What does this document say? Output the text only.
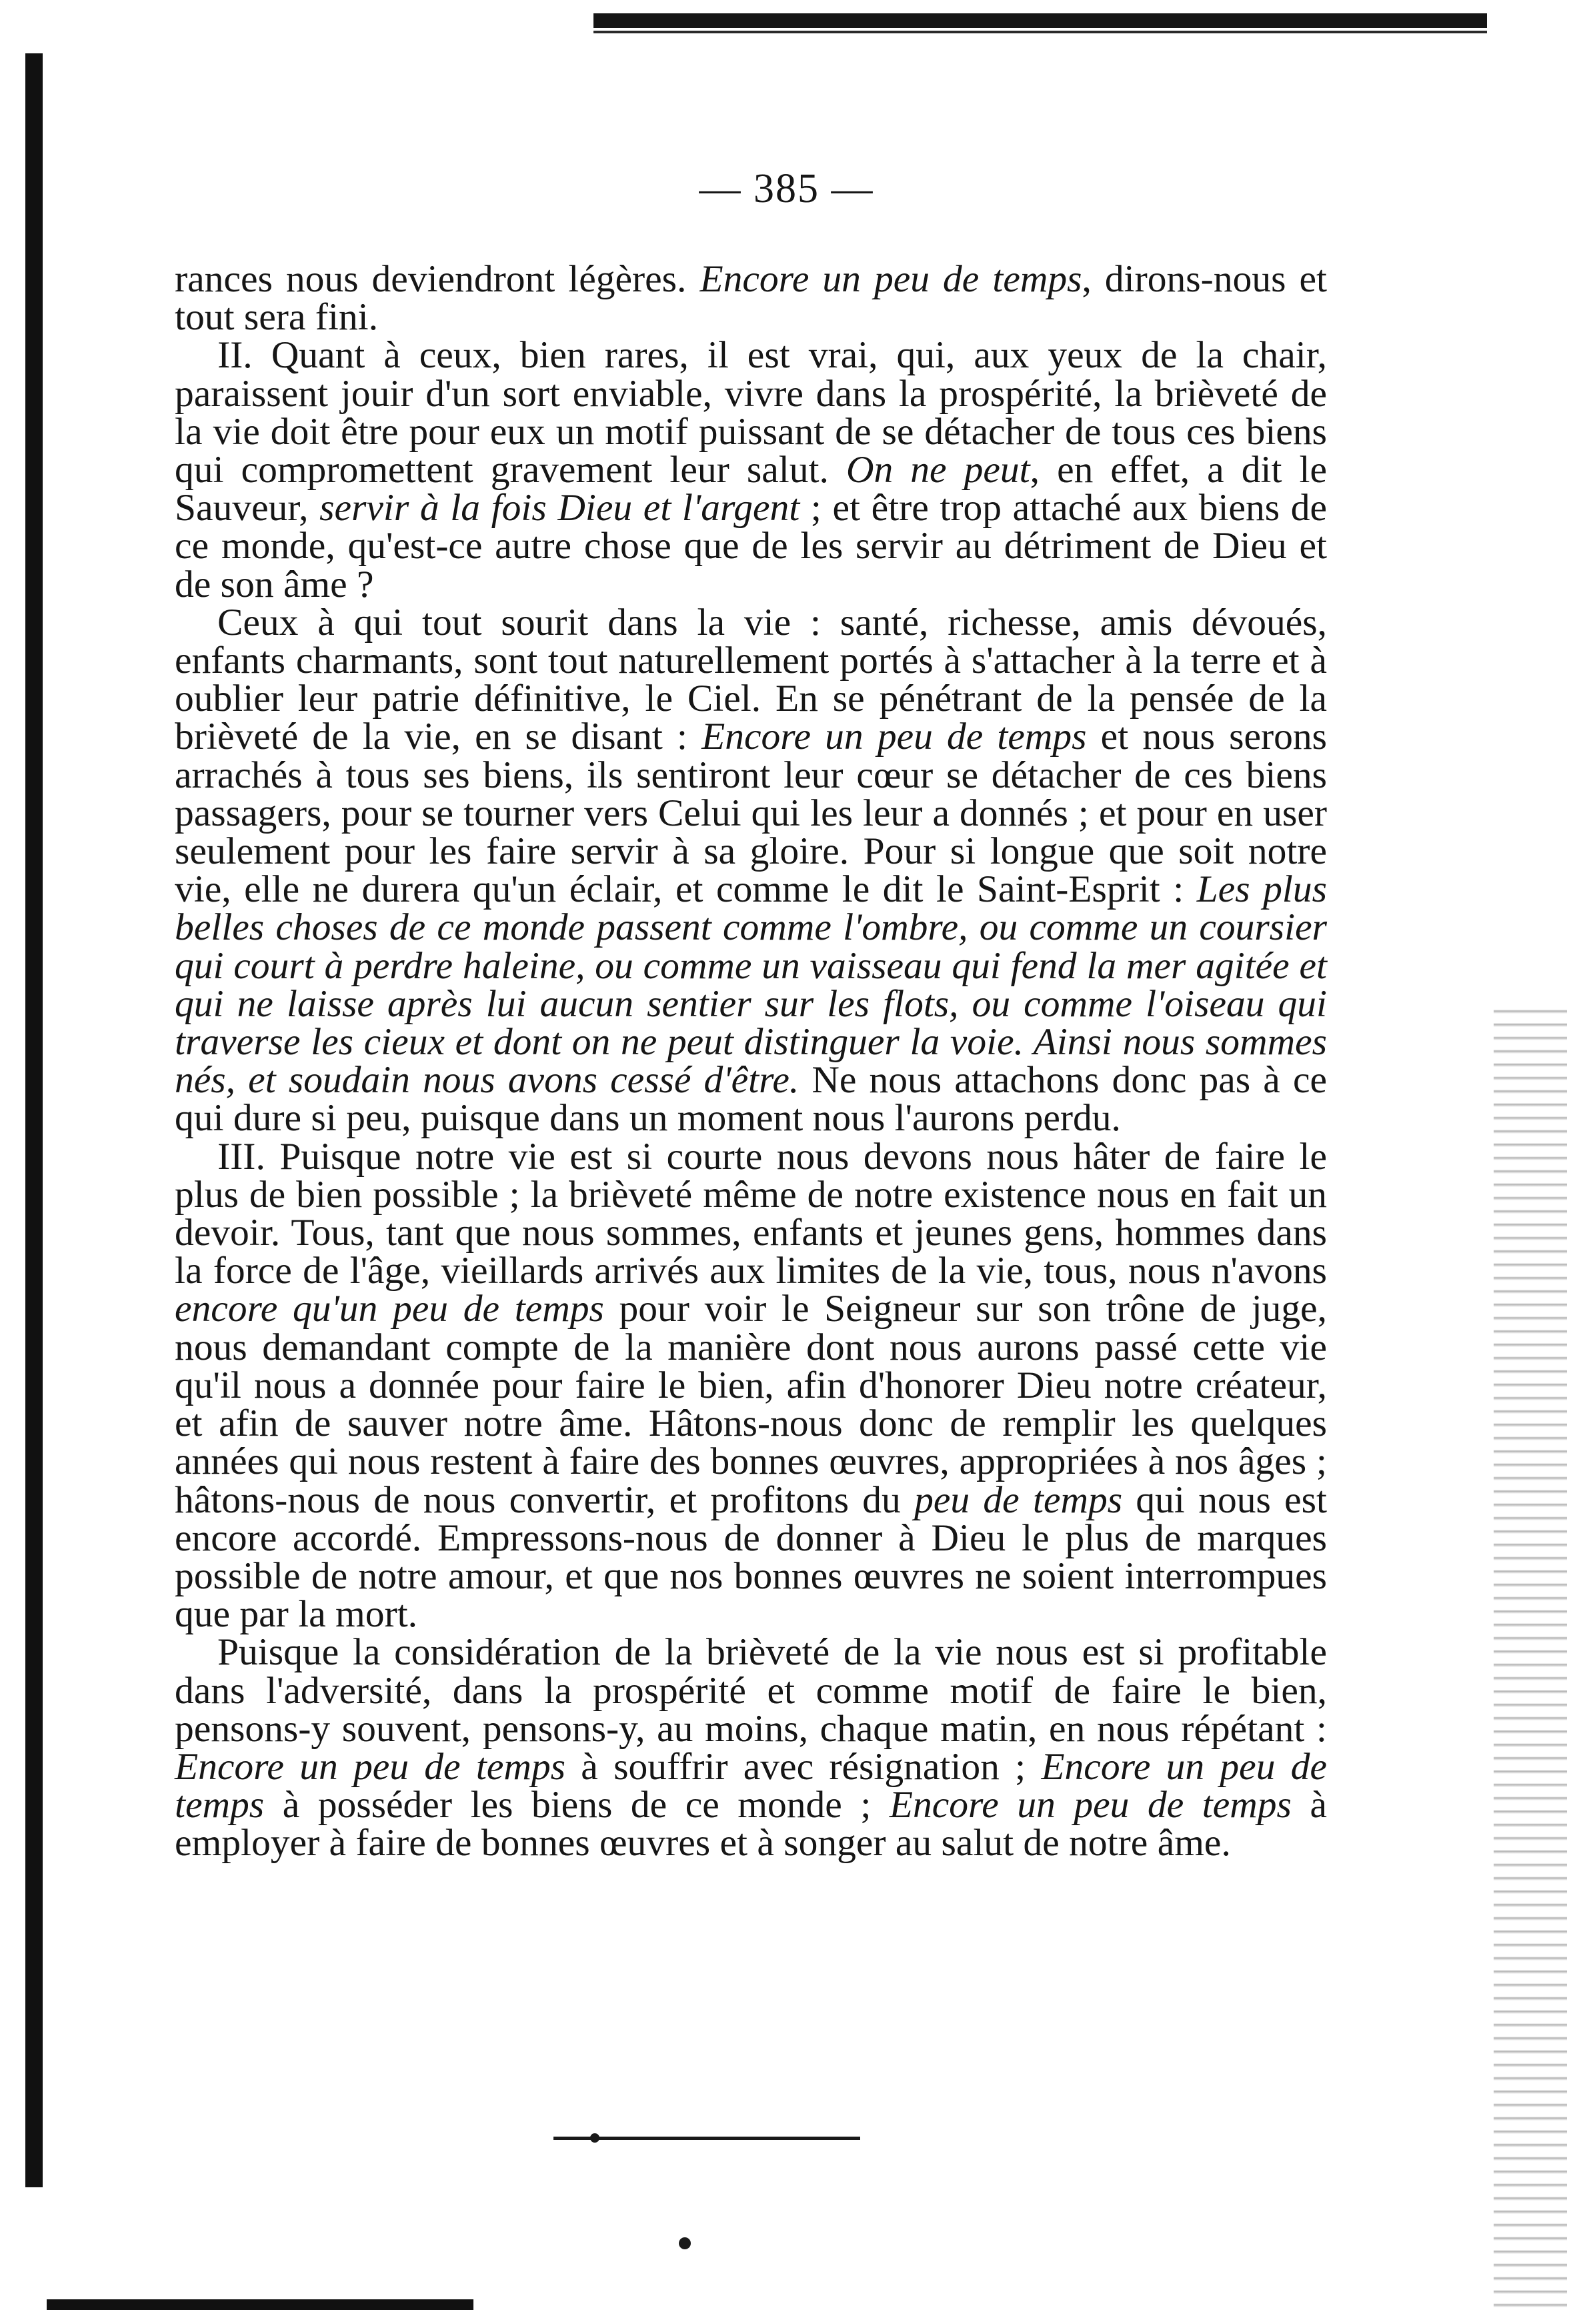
— 385 —

rances nous deviendront légères. Encore un peu de temps, dirons-nous et tout sera fini.

II. Quant à ceux, bien rares, il est vrai, qui, aux yeux de la chair, paraissent jouir d'un sort enviable, vivre dans la prospérité, la brièveté de la vie doit être pour eux un motif puissant de se détacher de tous ces biens qui compromettent gravement leur salut. On ne peut, en effet, a dit le Sauveur, servir à la fois Dieu et l'argent ; et être trop attaché aux biens de ce monde, qu'est-ce autre chose que de les servir au détriment de Dieu et de son âme ?

Ceux à qui tout sourit dans la vie : santé, richesse, amis dévoués, enfants charmants, sont tout naturellement portés à s'attacher à la terre et à oublier leur patrie définitive, le Ciel. En se pénétrant de la pensée de la brièveté de la vie, en se disant : Encore un peu de temps et nous serons arrachés à tous ses biens, ils sentiront leur cœur se détacher de ces biens passagers, pour se tourner vers Celui qui les leur a donnés ; et pour en user seulement pour les faire servir à sa gloire. Pour si longue que soit notre vie, elle ne durera qu'un éclair, et comme le dit le Saint-Esprit : Les plus belles choses de ce monde passent comme l'ombre, ou comme un coursier qui court à perdre haleine, ou comme un vaisseau qui fend la mer agitée et qui ne laisse après lui aucun sentier sur les flots, ou comme l'oiseau qui traverse les cieux et dont on ne peut distinguer la voie. Ainsi nous sommes nés, et soudain nous avons cessé d'être. Ne nous attachons donc pas à ce qui dure si peu, puisque dans un moment nous l'aurons perdu.

III. Puisque notre vie est si courte nous devons nous hâter de faire le plus de bien possible ; la brièveté même de notre existence nous en fait un devoir. Tous, tant que nous sommes, enfants et jeunes gens, hommes dans la force de l'âge, vieillards arrivés aux limites de la vie, tous, nous n'avons encore qu'un peu de temps pour voir le Seigneur sur son trône de juge, nous demandant compte de la manière dont nous aurons passé cette vie qu'il nous a donnée pour faire le bien, afin d'honorer Dieu notre créateur, et afin de sauver notre âme. Hâtons-nous donc de remplir les quelques années qui nous restent à faire des bonnes œuvres, appropriées à nos âges ; hâtons-nous de nous convertir, et profitons du peu de temps qui nous est encore accordé. Empressons-nous de donner à Dieu le plus de marques possible de notre amour, et que nos bonnes œuvres ne soient interrompues que par la mort.

Puisque la considération de la brièveté de la vie nous est si profitable dans l'adversité, dans la prospérité et comme motif de faire le bien, pensons-y souvent, pensons-y, au moins, chaque matin, en nous répétant : Encore un peu de temps à souffrir avec résignation ; Encore un peu de temps à posséder les biens de ce monde ; Encore un peu de temps à employer à faire de bonnes œuvres et à songer au salut de notre âme.
